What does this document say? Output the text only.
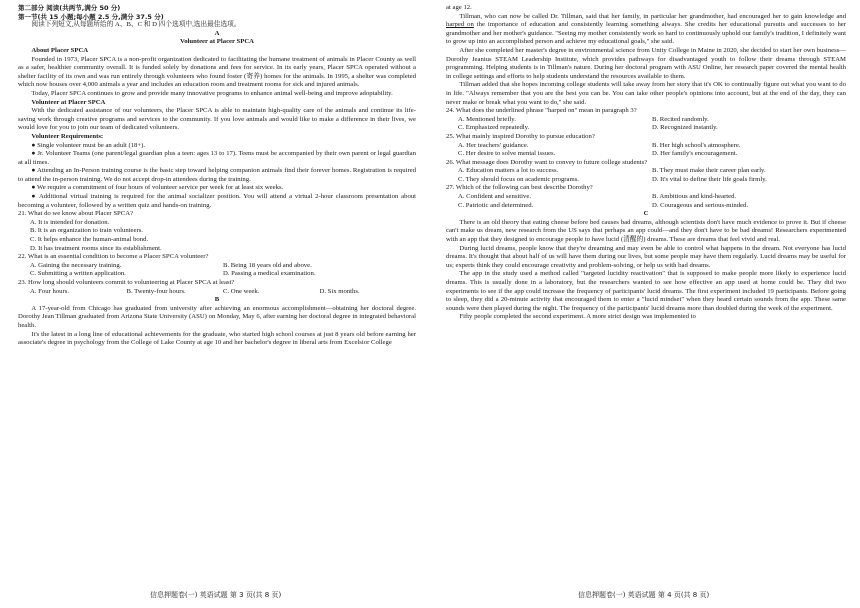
第二部分 阅读(共两节,满分 50 分)

第一节(共 15 小题;每小题 2.5 分,满分 37.5 分)

阅读下列短文,从每题所给的 A、B、C 和 D 四个选项中,选出最佳选项。

A

Volunteer at Placer SPCA

About Placer SPCA

Founded in 1973, Placer SPCA is a non-profit organization dedicated to facilitating the humane treatment of animals in Placer County as well as a safer, healthier community overall. It is funded solely by donations and fees for service. In its early years, Placer SPCA operated without a shelter facility of its own and was run entirely through volunteers who found foster (寄养) homes for the animals. In 1995, a shelter was completed which now houses over 4,000 animals a year and includes an education room and treatment rooms for sick and injured animals.

Today, Placer SPCA continues to grow and provide many innovative programs to enhance animal well-being and improve adoptability.

Volunteer at Placer SPCA

With the dedicated assistance of our volunteers, the Placer SPCA is able to maintain high-quality care of the animals and continue its life-saving work through creative programs and services to the community. If you love animals and would like to make a difference in their lives, we would love for you to join our team of dedicated volunteers.

Volunteer Requirements:

● Single volunteer must be an adult (18+).

● Jr. Volunteer Teams (one parent/legal guardian plus a teen: ages 13 to 17). Teens must be accompanied by their own parent or legal guardian at all times.

● Attending an In-Person training course is the basic step toward helping companion animals find their forever homes. Registration is required to attend the in-person training. We do not accept drop-in attendees during the training.

● We require a commitment of four hours of volunteer service per week for at least six weeks.

● Additional virtual training is required for the animal socializer position. You will attend a virtual 2-hour classroom presentation about becoming a volunteer, followed by a written quiz and hands-on training.

21. What do we know about Placer SPCA?

A. It is intended for donation.

B. It is an organization to train volunteers.

C. It helps enhance the human-animal bond.

D. It has treatment rooms since its establishment.

22. What is an essential condition to become a Placer SPCA volunteer?

A. Gaining the necessary training.	B. Being 18 years old and above.

C. Submitting a written application.	D. Passing a medical examination.

23. How long should volunteers commit to volunteering at Placer SPCA at least?

A. Four hours.	B. Twenty-four hours.	C. One week.	D. Six months.

B

A 17-year-old from Chicago has graduated from university after achieving an enormous accomplishment—obtaining her doctoral degree. Dorothy Jean Tillman graduated from Arizona State University (ASU) on Monday, May 6, after earning her doctoral degree in integrated behavioral health.

It's the latest in a long line of educational achievements for the graduate, who started high school courses at just 8 years old before earning her associate's degree in psychology from the College of Lake County at age 10 and her bachelor's degree in liberal arts from Excelsior College

at age 12.

Tillman, who can now be called Dr. Tillman, said that her family, in particular her grandmother, had encouraged her to gain knowledge and harped on the importance of education and consistently learning something always. She credits her educational pursuits and successes to her grandmother and her mother's guidance. "Seeing my mother consistently work so hard to continuously uphold our family's tradition, I definitely want to grow up into an accomplished person and achieve my educational goals," she said.

After she completed her master's degree in environmental science from Unity College in Maine in 2020, she decided to start her own business—Dorothy Jeanius STEAM Leadership Institute, which provides pathways for disadvantaged youth to follow their dreams through STEAM programming. Helping students is in Tillman's nature. During her doctoral program with ASU Online, her research paper covered the mental health in college settings and efforts to help students understand the resources available to them.

Tillman added that she hopes incoming college students will take away from her story that it's OK to continually figure out what you want to do in life. "Always remember that you are the best you can be. You can take other people's opinions into account, but at the end of the day, they can never make or break what you want to do," she said.

24. What does the underlined phrase "harped on" mean in paragraph 3?

A. Mentioned briefly.	B. Recited randomly.

C. Emphasized repeatedly.	D. Recognized instantly.

25. What mainly inspired Dorothy to pursue education?

A. Her teachers' guidance.	B. Her high school's atmosphere.

C. Her desire to solve mental issues.	D. Her family's encouragement.

26. What message does Dorothy want to convey to future college students?

A. Education matters a lot to success.	B. They must make their career plan early.

C. They should focus on academic programs.	D. It's vital to define their life goals firmly.

27. Which of the following can best describe Dorothy?

A. Confident and sensitive.	B. Ambitious and kind-hearted.

C. Patriotic and determined.	D. Courageous and serious-minded.

C

There is an old theory that eating cheese before bed causes bad dreams, although scientists don't have much evidence to prove it. But if cheese can't make us dream, new research from the US says that perhaps an app could—and they don't have to be bad dreams! Researchers experimented with an app that they designed to encourage people to have lucid (清醒的) dreams. These are dreams that feel vivid and real.

During lucid dreams, people know that they're dreaming and may even be able to control what happens in the dream. Not everyone has lucid dreams. It's thought that about half of us will have them during our lives, but some people may have them regularly. Lucid dreams may be useful for us; experts think they could encourage creativity and problem-solving, or help us with bad dreams.

The app in the study used a method called "targeted lucidity reactivation" that is supposed to make people more likely to experience lucid dreams. This is usually done in a laboratory, but the researchers wanted to see how effective an app used at home could be. They did two experiments to see if the app could increase the frequency of participants' lucid dreams. The first experiment included 19 participants. Before going to sleep, they did a 20-minute activity that encouraged them to enter a "lucid mindset" when they heard certain sounds from the app. These same sounds were then played during the night. The frequency of the participants' lucid dreams more than doubled during the week of the experiment.

Fifty people completed the second experiment. A more strict design was implemented to

信息押题卷(一) 英语试题 第 3 页(共 8 页)	信息押题卷(一) 英语试题 第 4 页(共 8 页)
